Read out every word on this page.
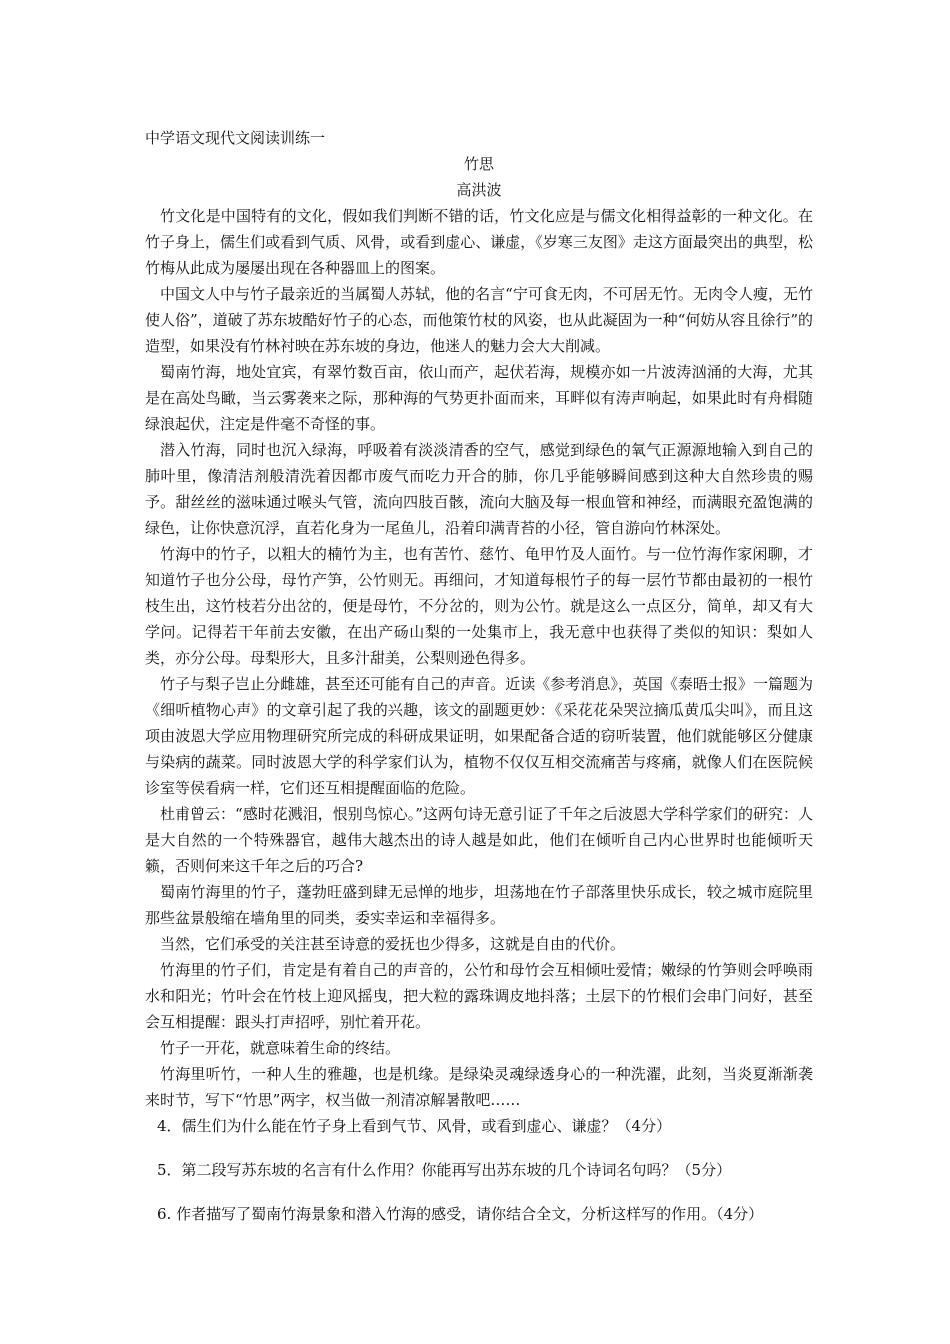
中学语文现代文阅读训练一

竹思

高洪波

竹文化是中国特有的文化，假如我们判断不错的话，竹文化应是与儒文化相得益彰的一种文化。在竹子身上，儒生们或看到气质、风骨，或看到虚心、谦虚，《岁寒三友图》走这方面最突出的典型，松竹梅从此成为屡屡出现在各种器皿上的图案。

中国文人中与竹子最亲近的当属蜀人苏轼，他的名言“宁可食无肉，不可居无竹。无肉令人瘦，无竹使人俗”，道破了苏东坡酷好竹子的心态，而他策竹杖的风姿，也从此凝固为一种“何妨从容且徐行”的造型，如果没有竹林衬映在苏东坡的身边，他迷人的魅力会大大削减。

蜀南竹海，地处宜宾，有翠竹数百亩，依山而产，起伏若海，规模亦如一片波涛汹涌的大海，尤其是在高处鸟瞰，当云雾袭来之际，那种海的气势更扑面而来，耳畔似有涛声响起，如果此时有舟楫随绿浪起伏，注定是件毫不奇怪的事。

潜入竹海，同时也沉入绿海，呼吸着有淡淡清香的空气，感觉到绿色的氧气正源源地输入到自己的肺叶里，像清洁剂般清洗着因都市废气而吃力开合的肺，你几乎能够瞬间感到这种大自然珍贵的赐予。甜丝丝的滋味通过喉头气管，流向四肢百骸，流向大脑及每一根血管和神经，而满眼充盈饱满的绿色，让你快意沉浮，直若化身为一尾鱼儿，沿着印满青苔的小径，管自游向竹林深处。

竹海中的竹子，以粗大的楠竹为主，也有苦竹、慈竹、龟甲竹及人面竹。与一位竹海作家闲聊，才知道竹子也分公母，母竹产笋，公竹则无。再细问，才知道每根竹子的每一层竹节都由最初的一根竹枝生出，这竹枝若分出岔的，便是母竹，不分岔的，则为公竹。就是这么一点区分，简单，却又有大学问。记得若干年前去安徽，在出产砀山梨的一处集市上，我无意中也获得了类似的知识：梨如人类，亦分公母。母梨形大，且多汁甜美，公梨则逊色得多。

竹子与梨子岂止分雌雄，甚至还可能有自己的声音。近读《参考消息》，英国《泰晤士报》一篇题为《细听植物心声》的文章引起了我的兴趣，该文的副题更妙：《采花花朵哭泣摘瓜黄瓜尖叫》，而且这项由波恩大学应用物理研究所完成的科研成果证明，如果配备合适的窃听装置，他们就能够区分健康与染病的蔬菜。同时波恩大学的科学家们认为，植物不仅仅互相交流痛苦与疼痛，就像人们在医院候诊室等侯看病一样，它们还互相提醒面临的危险。

杜甫曾云：“感时花溅泪，恨别鸟惊心。”这两句诗无意引证了千年之后波恩大学科学家们的研究：人是大自然的一个特殊器官，越伟大越杰出的诗人越是如此，他们在倾听自己内心世界时也能倾听天籁，否则何来这千年之后的巧合?

蜀南竹海里的竹子，蓬勃旺盛到肆无忌惮的地步，坦荡地在竹子部落里快乐成长，较之城市庭院里那些盆景般缩在墙角里的同类，委实幸运和幸福得多。

当然，它们承受的关注甚至诗意的爱抚也少得多，这就是自由的代价。

竹海里的竹子们，肯定是有着自己的声音的，公竹和母竹会互相倾吐爱情；嫩绿的竹笋则会呼唤雨水和阳光；竹叶会在竹枝上迎风摇曳，把大粒的露珠调皮地抖落；土层下的竹根们会串门问好，甚至会互相提醒：跟头打声招呼，别忙着开花。

竹子一开花，就意味着生命的终结。

竹海里听竹，一种人生的雅趣，也是机缘。是绿染灵魂绿透身心的一种洗濯，此刻，当炎夏渐渐袭来时节，写下“竹思”两字，权当做一剂清凉解暑散吧……

4．儒生们为什么能在竹子身上看到气节、风骨，或看到虚心、谦虚？（4分）

5．第二段写苏东坡的名言有什么作用？你能再写出苏东坡的几个诗词名句吗？（5分）

6. 作者描写了蜀南竹海景象和潜入竹海的感受，请你结合全文，分析这样写的作用。（4分）
